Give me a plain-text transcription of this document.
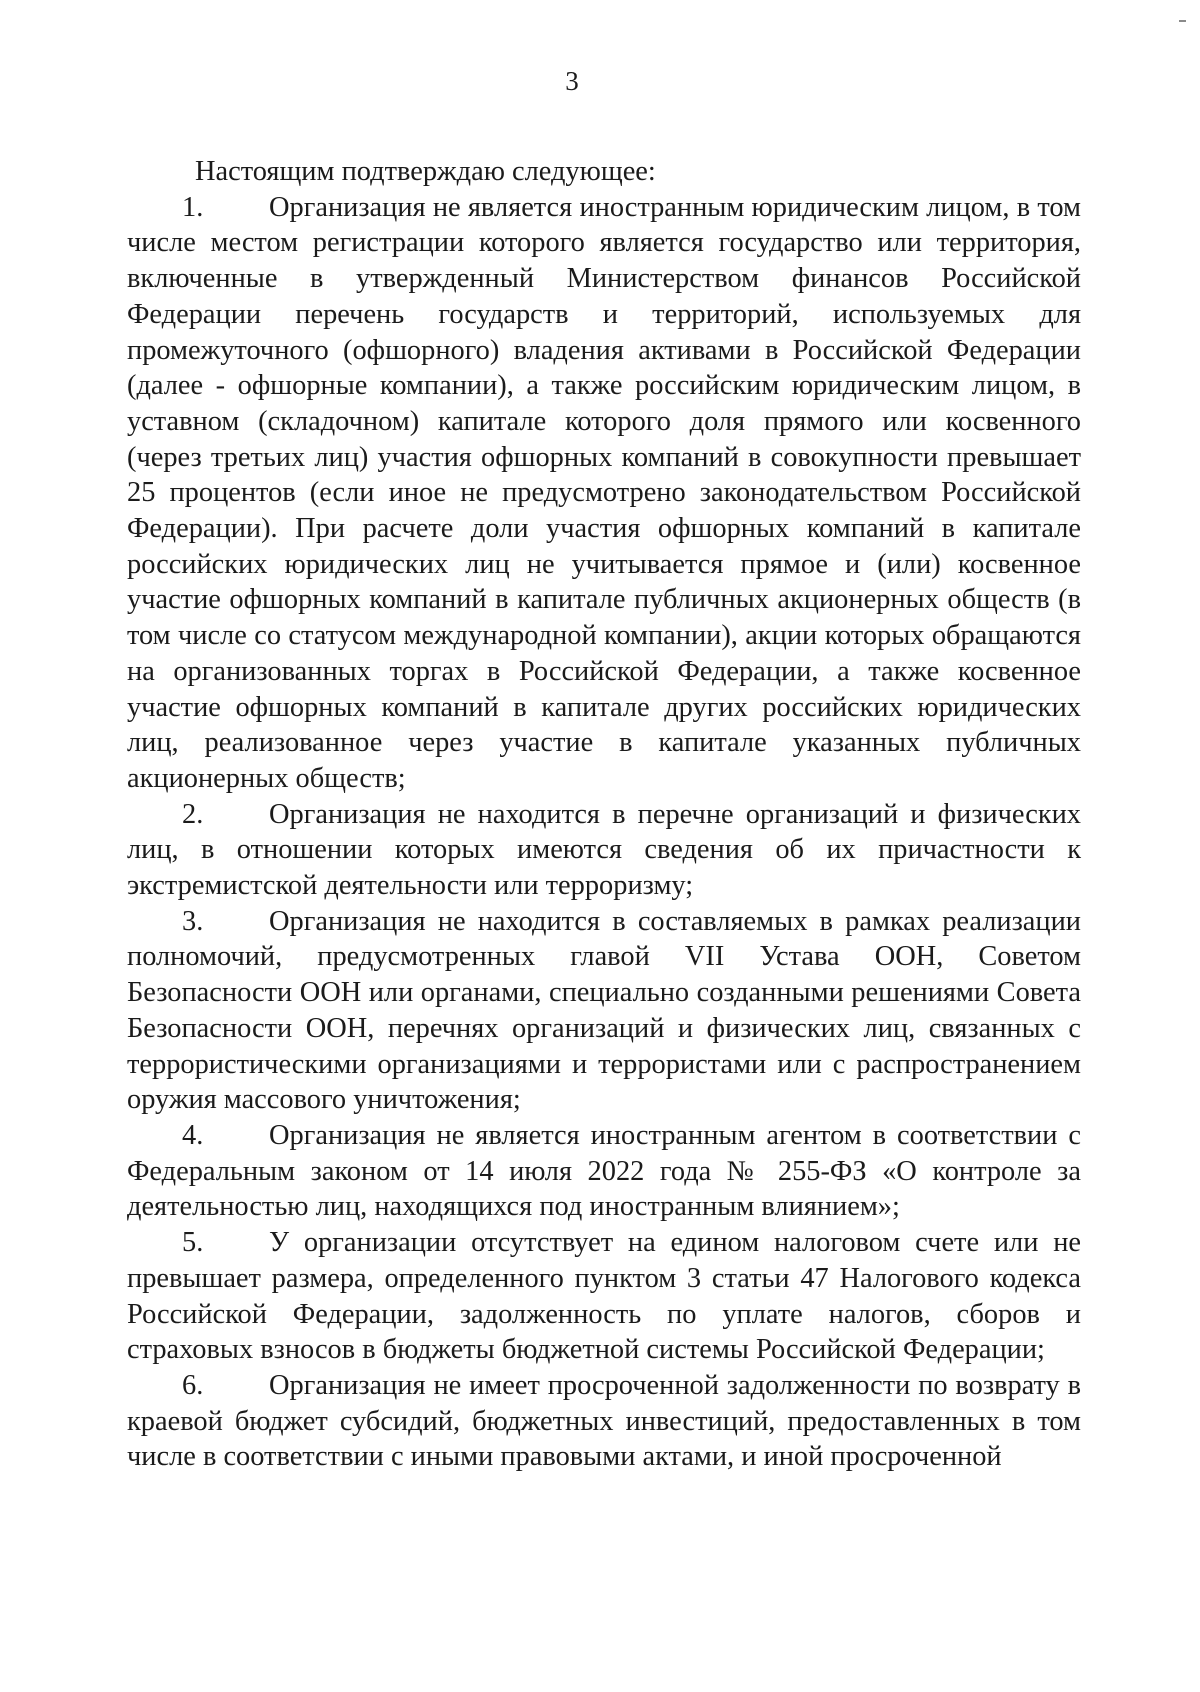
3

Настоящим подтверждаю следующее:

1. Организация не является иностранным юридическим лицом, в том числе местом регистрации которого является государство или территория, включенные в утвержденный Министерством финансов Российской Федерации перечень государств и территорий, используемых для промежуточного (офшорного) владения активами в Российской Федерации (далее - офшорные компании), а также российским юридическим лицом, в уставном (складочном) капитале которого доля прямого или косвенного (через третьих лиц) участия офшорных компаний в совокупности превышает 25 процентов (если иное не предусмотрено законодательством Российской Федерации). При расчете доли участия офшорных компаний в капитале российских юридических лиц не учитывается прямое и (или) косвенное участие офшорных компаний в капитале публичных акционерных обществ (в том числе со статусом международной компании), акции которых обращаются на организованных торгах в Российской Федерации, а также косвенное участие офшорных компаний в капитале других российских юридических лиц, реализованное через участие в капитале указанных публичных акционерных обществ;

2. Организация не находится в перечне организаций и физических лиц, в отношении которых имеются сведения об их причастности к экстремистской деятельности или терроризму;

3. Организация не находится в составляемых в рамках реализации полномочий, предусмотренных главой VII Устава ООН, Советом Безопасности ООН или органами, специально созданными решениями Совета Безопасности ООН, перечнях организаций и физических лиц, связанных с террористическими организациями и террористами или с распространением оружия массового уничтожения;

4. Организация не является иностранным агентом в соответствии с Федеральным законом от 14 июля 2022 года № 255-ФЗ «О контроле за деятельностью лиц, находящихся под иностранным влиянием»;

5. У организации отсутствует на едином налоговом счете или не превышает размера, определенного пунктом 3 статьи 47 Налогового кодекса Российской Федерации, задолженность по уплате налогов, сборов и страховых взносов в бюджеты бюджетной системы Российской Федерации;

6. Организация не имеет просроченной задолженности по возврату в краевой бюджет субсидий, бюджетных инвестиций, предоставленных в том числе в соответствии с иными правовыми актами, и иной просроченной
